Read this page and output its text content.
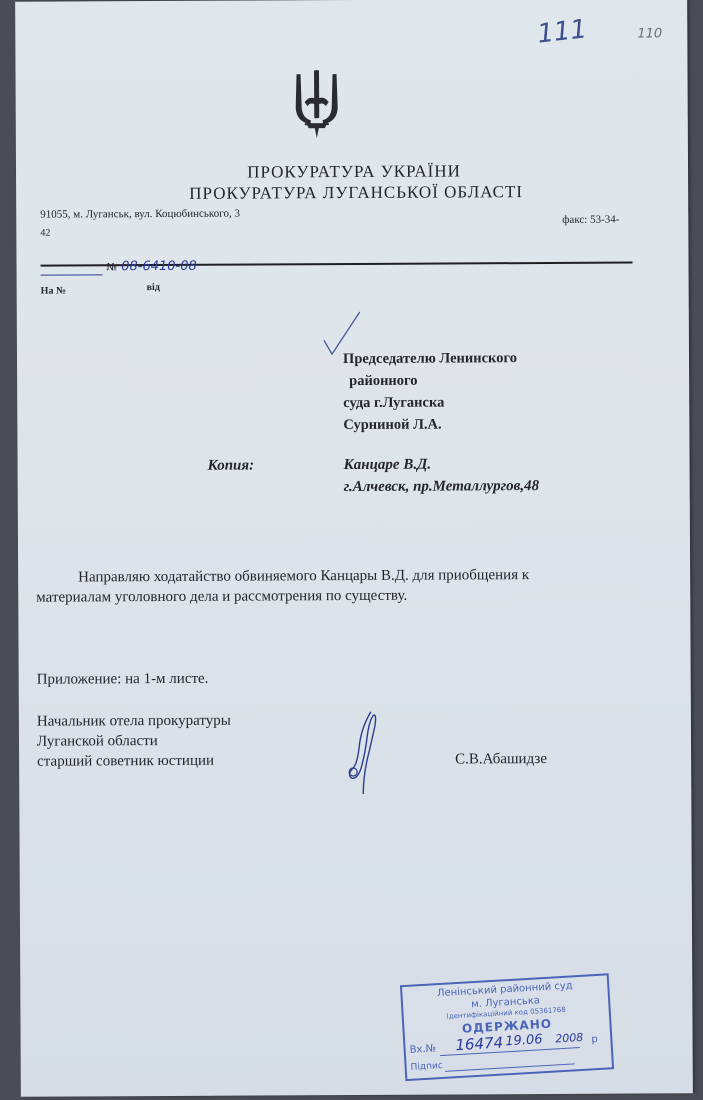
111	110
ПРОКУРАТУРА УКРАЇНИ
ПРОКУРАТУРА ЛУГАНСЬКОЇ ОБЛАСТІ
91055, м. Луганськ, вул. Коцюбинського, 3	факс: 53-34-
42
№ 08-6410-08
На №	від
Председателю Ленинского
районного
суда г.Луганска
Сурниной Л.А.
Копия:	Канцаре В.Д.
г.Алчевск, пр.Металлургов,48
Направляю ходатайство обвиняемого Канцары В.Д. для приобщения к
материалам уголовного дела и рассмотрения по существу.
Приложение: на 1-м листе.
Начальник отела прокуратуры
Луганской области
старший советник юстиции	С.В.Абашидзе
Ленінський районний суд
м. Луганська
Ідентифікаційний код 05361768
ОДЕРЖАНО
Вх.№ 16474 19.06 2008 р
Підпис
